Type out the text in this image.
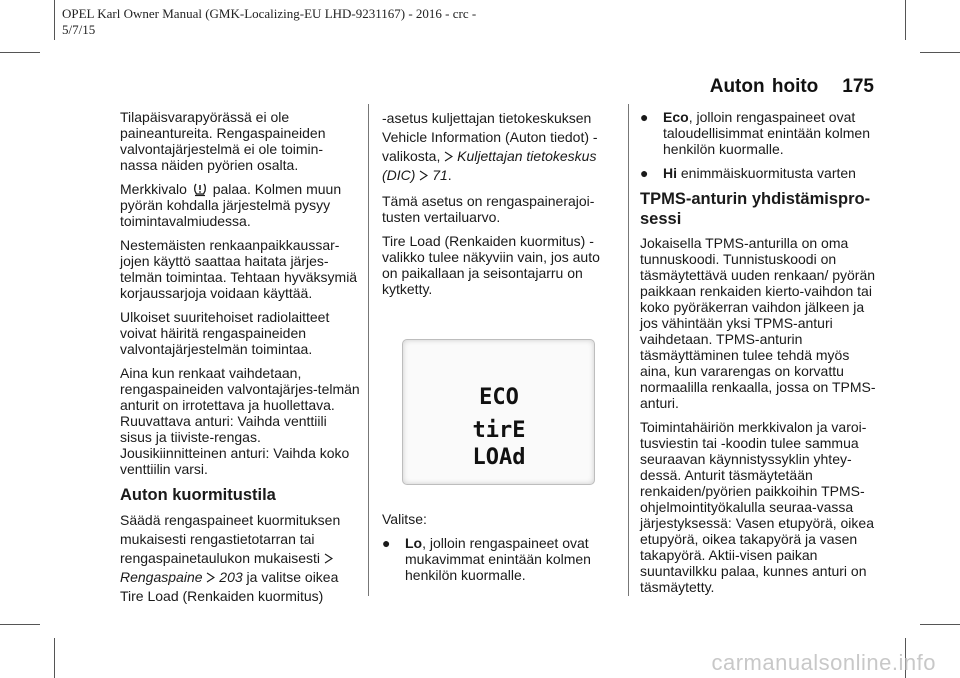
OPEL Karl Owner Manual (GMK-Localizing-EU LHD-9231167) - 2016 - crc -
5/7/15
Auton hoito 175

Tilapäisvarapyörässä ei ole paineantureita. Rengaspaineiden valvontajärjestelmä ei ole toimin-nassa näiden pyörien osalta.

Merkkivalo palaa. Kolmen muun pyörän kohdalla järjestelmä pysyy toimintavalmiudessa.

Nestemäisten renkaanpaikkaussar-jojen käyttö saattaa haitata järjes-telmän toimintaa. Tehtaan hyväksymiä korjaussarjoja voidaan käyttää.

Ulkoiset suuritehoiset radiolaitteet voivat häiritä rengaspaineiden valvontajärjestelmän toimintaa.

Aina kun renkaat vaihdetaan, rengaspaineiden valvontajärjes-telmän anturit on irrotettava ja huollettava. Ruuvattava anturi: Vaihda venttiili sisus ja tiiviste-rengas. Jousikiinnitteinen anturi: Vaihda koko venttiilin varsi.

Auton kuormitustila

Säädä rengaspaineet kuormituksen mukaisesti rengastietotarran tai rengaspainetaulukon mukaisesti
Rengaspaine 203 ja valitse oikea Tire Load (Renkaiden kuormitus)

-asetus kuljettajan tietokeskuksen Vehicle Information (Auton tiedot) -valikosta, Kuljettajan tietokeskus (DIC) 71.

Tämä asetus on rengaspainerajoi-tusten vertailuarvo.

Tire Load (Renkaiden kuormitus) -valikko tulee näkyviin vain, jos auto on paikallaan ja seisontajarru on kytketty.

ECO
tirE
LOAd

Valitse:

●	Lo, jolloin rengaspaineet ovat mukavimmat enintään kolmen henkilön kuormalle.
●	Eco, jolloin rengaspaineet ovat taloudellisimmat enintään kolmen henkilön kuormalle.
●	Hi enimmäiskuormitusta varten
TPMS-anturin yhdistämispro-sessi

Jokaisella TPMS-anturilla on oma tunnuskoodi. Tunnistuskoodi on täsmäytettävä uuden renkaan/ pyörän paikkaan renkaiden kierto-vaihdon tai koko pyöräkerran vaihdon jälkeen ja jos vähintään yksi TPMS-anturi vaihdetaan. TPMS-anturin täsmäyttäminen tulee tehdä myös aina, kun vararengas on korvattu normaalilla renkaalla, jossa on TPMS-anturi.

Toimintahäiriön merkkivalon ja varoi-tusviestin tai -koodin tulee sammua seuraavan käynnistyssyklin yhtey-dessä. Anturit täsmäytetään renkaiden/pyörien paikkoihin TPMS-ohjelmointityökalulla seuraa-vassa järjestyksessä: Vasen etupyörä, oikea etupyörä, oikea takapyörä ja vasen takapyörä. Aktii-visen paikan suuntavilkku palaa, kunnes anturi on täsmäytetty.

carmanualsonline.info
